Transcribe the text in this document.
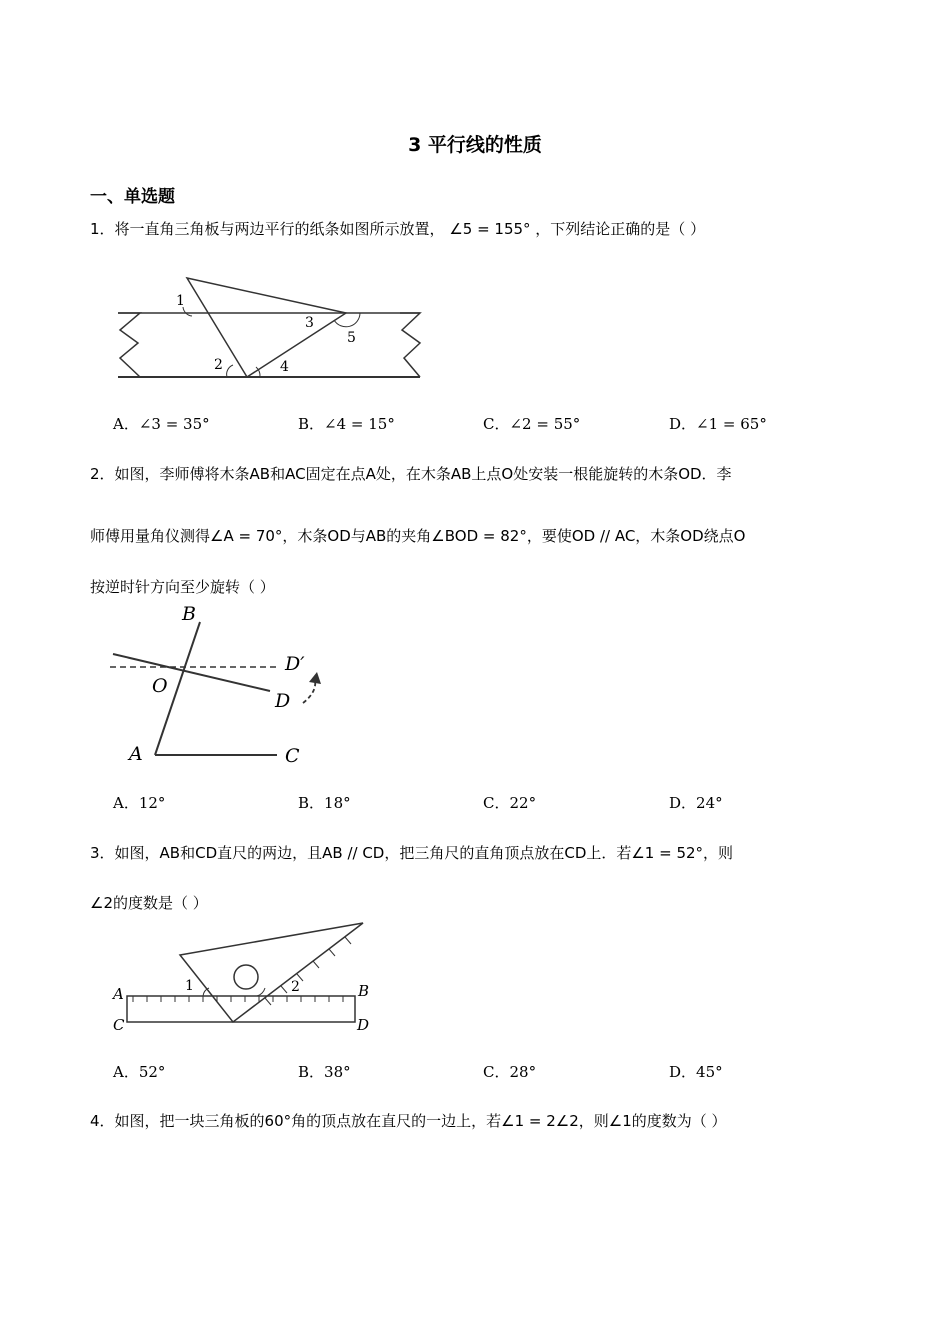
3 平行线的性质
一、单选题
1．将一直角三角板与两边平行的纸条如图所示放置， ∠5 = 155° ，下列结论正确的是（ ）
1
2
3
4
5
A．∠3 = 35°	B．∠4 = 15°	C．∠2 = 55°	D．∠1 = 65°
2．如图，李师傅将木条AB和AC固定在点A处，在木条AB上点O处安装一根能旋转的木条OD．李
师傅用量角仪测得∠A = 70°，木条OD与AB的夹角∠BOD = 82°，要使OD // AC，木条OD绕点O
按逆时针方向至少旋转（ ）
B
O
D′
D
A	C
A．12°	B．18°	C．22°	D．24°
3．如图，AB和CD直尺的两边，且AB // CD，把三角尺的直角顶点放在CD上．若∠1 = 52°，则
∠2的度数是（ ）
A	B
C	D
1	2
A．52°	B．38°	C．28°	D．45°
4．如图，把一块三角板的60°角的顶点放在直尺的一边上，若∠1 = 2∠2，则∠1的度数为（ ）
